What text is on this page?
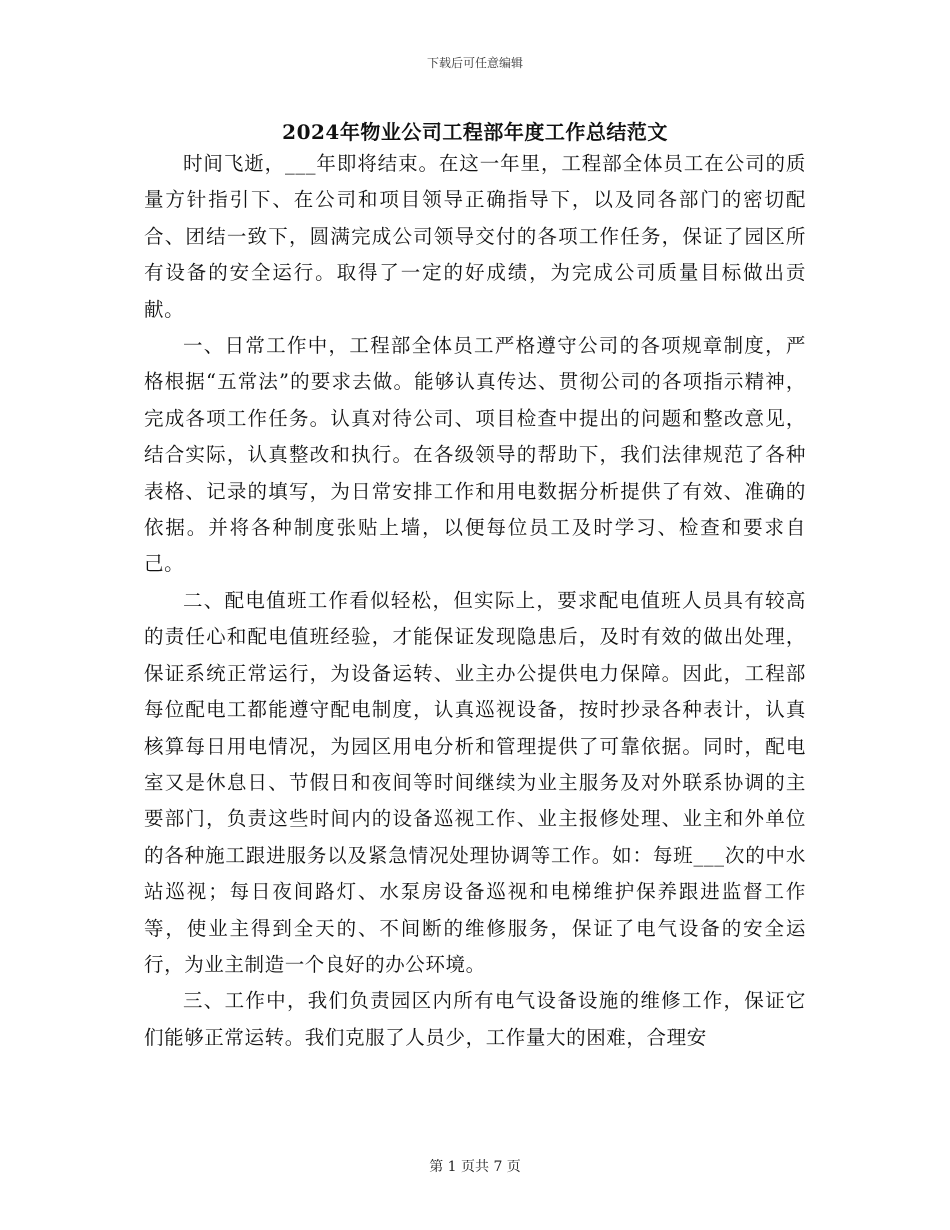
下载后可任意编辑
2024年物业公司工程部年度工作总结范文

时间飞逝，___年即将结束。在这一年里，工程部全体员工在公司的质量方针指引下、在公司和项目领导正确指导下，以及同各部门的密切配合、团结一致下，圆满完成公司领导交付的各项工作任务，保证了园区所有设备的安全运行。取得了一定的好成绩，为完成公司质量目标做出贡献。

一、日常工作中，工程部全体员工严格遵守公司的各项规章制度，严格根据“五常法”的要求去做。能够认真传达、贯彻公司的各项指示精神，完成各项工作任务。认真对待公司、项目检查中提出的问题和整改意见，结合实际，认真整改和执行。在各级领导的帮助下，我们法律规范了各种表格、记录的填写，为日常安排工作和用电数据分析提供了有效、准确的依据。并将各种制度张贴上墙，以便每位员工及时学习、检查和要求自己。

二、配电值班工作看似轻松，但实际上，要求配电值班人员具有较高的责任心和配电值班经验，才能保证发现隐患后，及时有效的做出处理，保证系统正常运行，为设备运转、业主办公提供电力保障。因此，工程部每位配电工都能遵守配电制度，认真巡视设备，按时抄录各种表计，认真核算每日用电情况，为园区用电分析和管理提供了可靠依据。同时，配电室又是休息日、节假日和夜间等时间继续为业主服务及对外联系协调的主要部门，负责这些时间内的设备巡视工作、业主报修处理、业主和外单位的各种施工跟进服务以及紧急情况处理协调等工作。如：每班___次的中水站巡视；每日夜间路灯、水泵房设备巡视和电梯维护保养跟进监督工作等，使业主得到全天的、不间断的维修服务，保证了电气设备的安全运行，为业主制造一个良好的办公环境。

三、工作中，我们负责园区内所有电气设备设施的维修工作，保证它们能够正常运转。我们克服了人员少，工作量大的困难，合理安

第 1 页共 7 页
